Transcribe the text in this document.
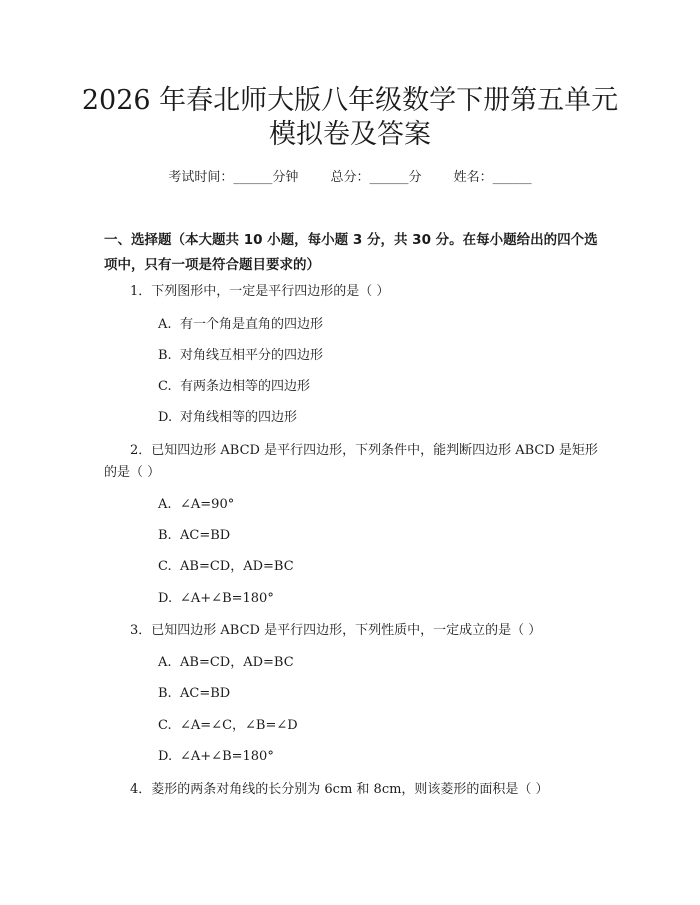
2026 年春北师大版八年级数学下册第五单元
模拟卷及答案
考试时间：______分钟 总分：______分 姓名：______
一、选择题（本大题共 10 小题，每小题 3 分，共 30 分。在每小题给出的四个选
项中，只有一项是符合题目要求的）
1．下列图形中，一定是平行四边形的是（ ）
A. 有一个角是直角的四边形
B. 对角线互相平分的四边形
C. 有两条边相等的四边形
D. 对角线相等的四边形
2．已知四边形 ABCD 是平行四边形，下列条件中，能判断四边形 ABCD 是矩形
的是（ ）
A. ∠A=90°
B. AC=BD
C. AB=CD，AD=BC
D. ∠A+∠B=180°
3．已知四边形 ABCD 是平行四边形，下列性质中，一定成立的是（ ）
A. AB=CD，AD=BC
B. AC=BD
C. ∠A=∠C，∠B=∠D
D. ∠A+∠B=180°
4．菱形的两条对角线的长分别为 6cm 和 8cm，则该菱形的面积是（ ）
